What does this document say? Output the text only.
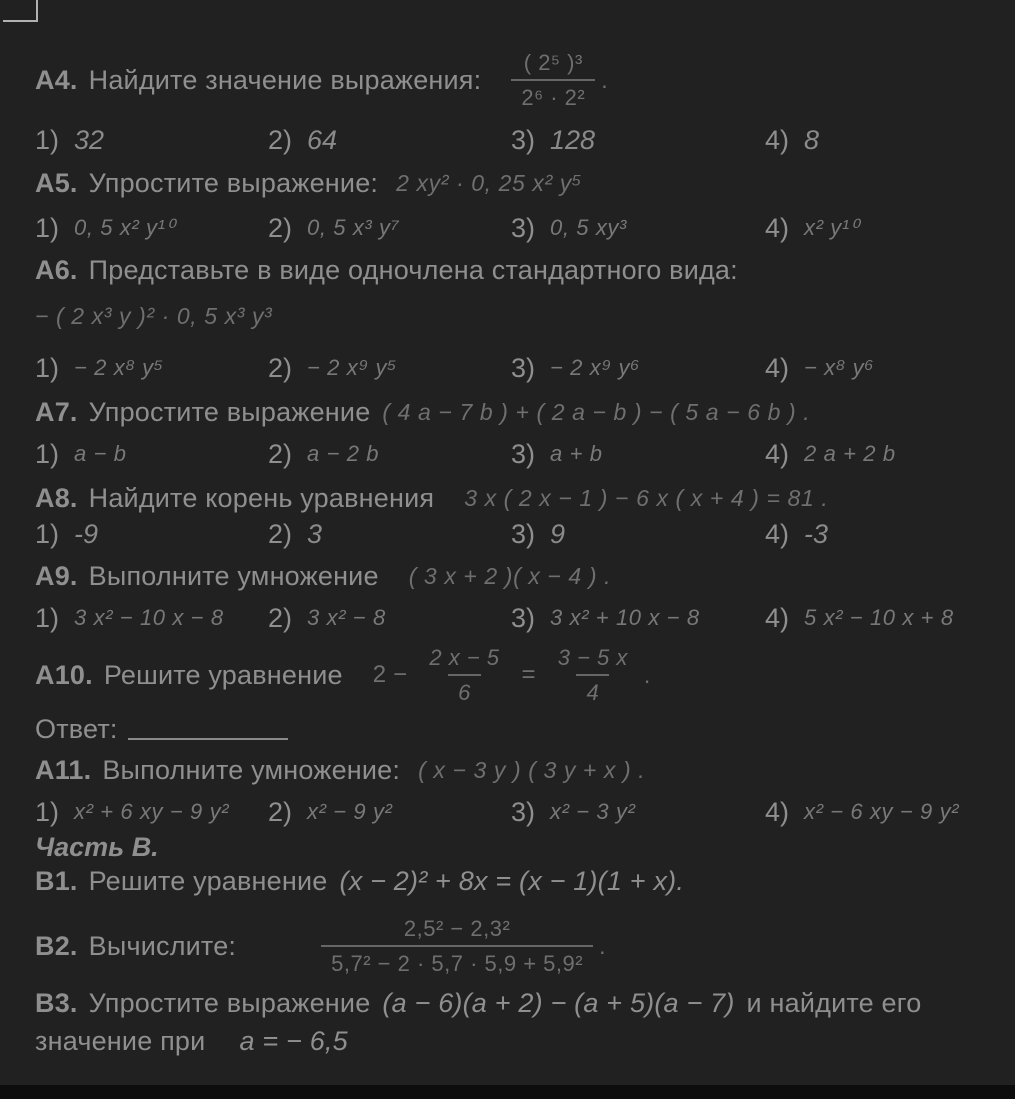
A4. Найдите значение выражения: $\frac{\text{( 2⁵ )³}}{\text{2⁶ · 2²}}$ .
1) 32	2) 64	3) 128	4) 8
A5. Упростите выражение: 2 xy² · 0, 25 x² y⁵
1) 0, 5 x² y¹⁰	2) 0, 5 x³ y⁷	3) 0, 5 xy³	4) x² y¹⁰
A6. Представьте в виде одночлена стандартного вида:
− ( 2 x³ y )² · 0, 5 x³ y³
1) − 2 x⁸ y⁵	2) − 2 x⁹ y⁵	3) − 2 x⁹ y⁶	4) − x⁸ y⁶
A7. Упростите выражение ( 4 a − 7 b ) + ( 2 a − b ) − ( 5 a − 6 b ) .
1) a − b	2) a − 2 b	3) a + b	4) 2 a + 2 b
A8. Найдите корень уравнения 3 x ( 2 x − 1 ) − 6 x ( x + 4 ) = 81 .
1) -9	2) 3	3) 9	4) -3
A9. Выполните умножение ( 3 x + 2 )( x − 4 ) .
1) 3 x² − 10 x − 8 2) 3 x² − 8	3) 3 x² + 10 x − 8 4) 5 x² − 10 x + 8
A10. Решите уравнение $2 - \frac{2 x - 5}{6} = \frac{3 - 5 x}{4}$ .
Ответ:
A11. Выполните умножение: ( x − 3 y ) ( 3 y + x ) .
1) x² + 6 xy − 9 y² 2) x² − 9 y²	3) x² − 3 y²	4) x² − 6 xy − 9 y²
Часть В.
B1. Решите уравнение (x − 2)² + 8x = (x − 1)(1 + x).
B2. Вычислите:	$\frac{\text{2,5² − 2,3²}}{\text{5,7² − 2 · 5,7 · 5,9 + 5,9²}}$ .
B3. Упростите выражение (a − 6)(a + 2) − (a + 5)(a − 7) и найдите его
значение при a = − 6,5
